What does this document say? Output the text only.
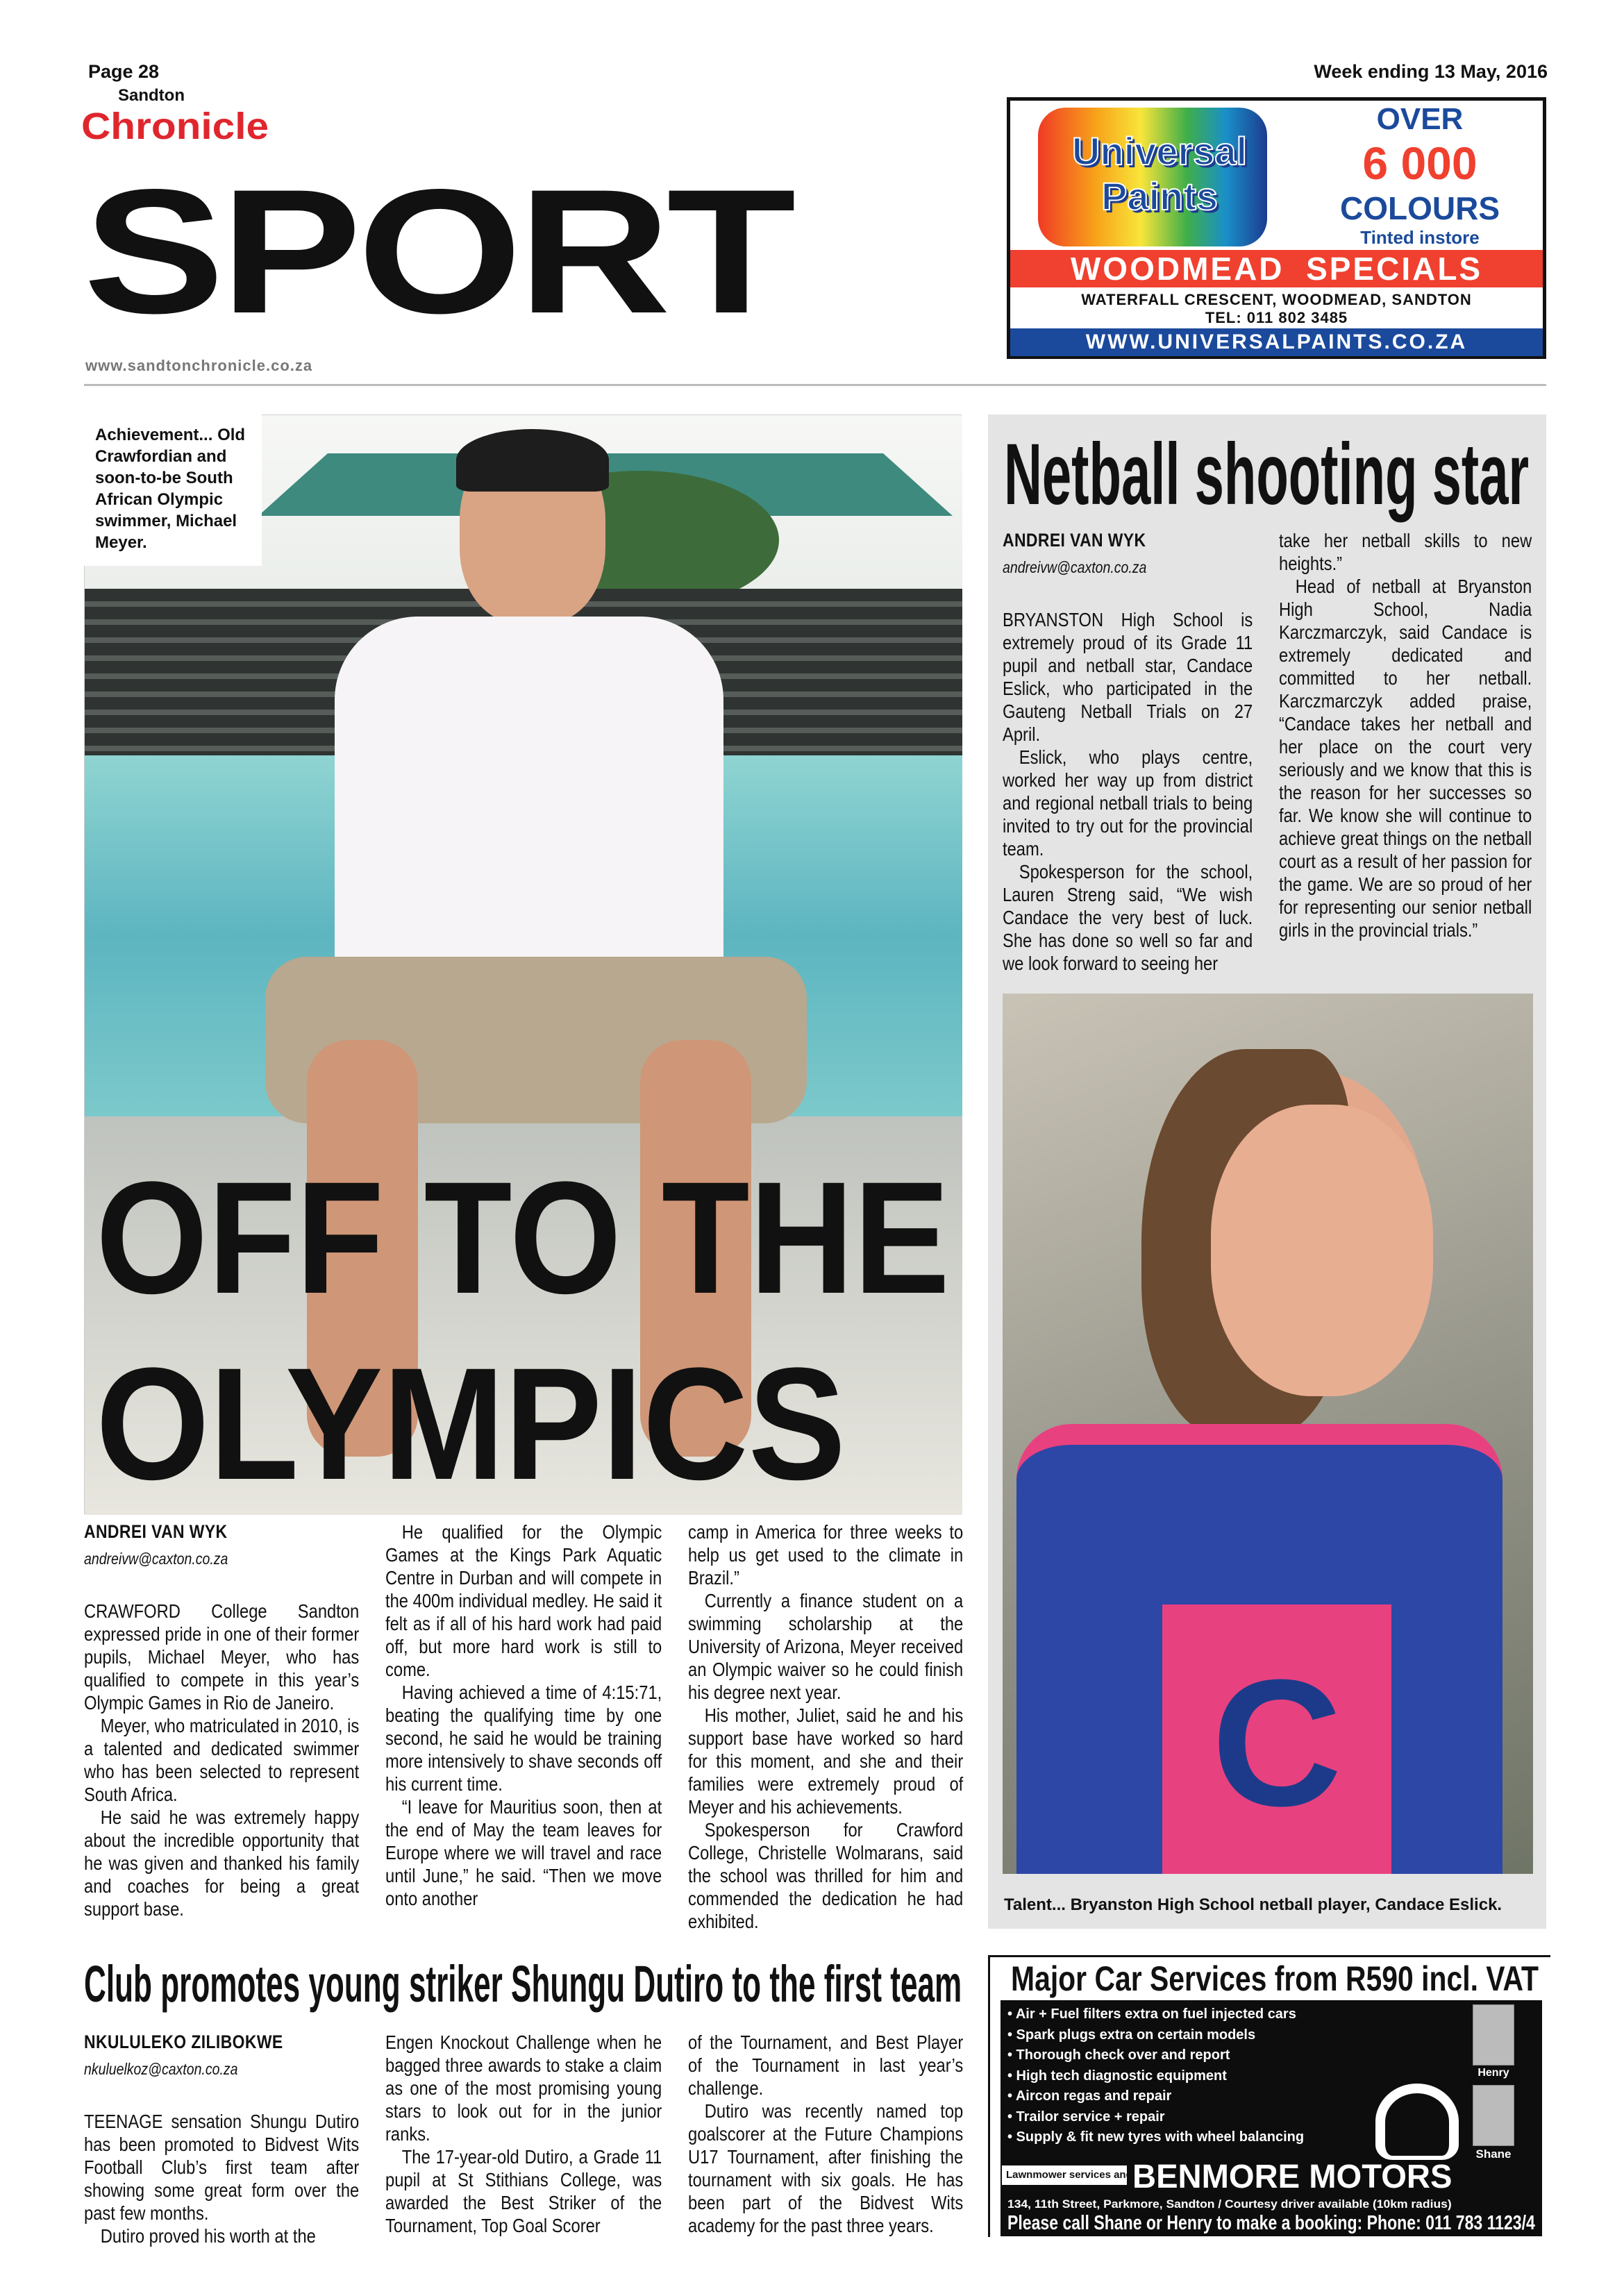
Page 28	Week ending 13 May, 2016
Sandton
Chronicle
SPORT
www.sandtonchronicle.co.za
Universal
Paints
OVER
6 000
COLOURS
Tinted instore
WOODMEAD  SPECIALS
WATERFALL CRESCENT, WOODMEAD, SANDTON
TEL: 011 802 3485
WWW.UNIVERSALPAINTS.CO.ZA
Achievement... Old Crawfordian and soon-to-be South African Olympic swimmer, Michael Meyer.
OFF TO THE
OLYMPICS
ANDREI VAN WYK
andreivw@caxton.co.za

CRAWFORD College Sandton expressed pride in one of their former pupils, Michael Meyer, who has qualified to compete in this year’s Olympic Games in Rio de Janeiro.

Meyer, who matriculated in 2010, is a talented and dedicated swimmer who has been selected to represent South Africa.

He said he was extremely happy about the incredible opportunity that he was given and thanked his family and coaches for being a great support base.

He qualified for the Olympic Games at the Kings Park Aquatic Centre in Durban and will compete in the 400m individual medley. He said it felt as if all of his hard work had paid off, but more hard work is still to come.

Having achieved a time of 4:15:71, beating the qualifying time by one second, he said he would be training more intensively to shave seconds off his current time.

“I leave for Mauritius soon, then at the end of May the team leaves for Europe where we will travel and race until June,” he said. “Then we move onto another

camp in America for three weeks to help us get used to the climate in Brazil.”

Currently a finance student on a swimming scholarship at the University of Arizona, Meyer received an Olympic waiver so he could finish his degree next year.

His mother, Juliet, said he and his support base have worked so hard for this moment, and she and their families were extremely proud of Meyer and his achievements.

Spokesperson for Crawford College, Christelle Wolmarans, said the school was thrilled for him and commended the dedication he had exhibited.

Netball shooting star
ANDREI VAN WYK
andreivw@caxton.co.za

BRYANSTON High School is extremely proud of its Grade 11 pupil and netball star, Candace Eslick, who participated in the Gauteng Netball Trials on 27 April.

Eslick, who plays centre, worked her way up from district and regional netball trials to being invited to try out for the provincial team.

Spokesperson for the school, Lauren Streng said, “We wish Candace the very best of luck. She has done so well so far and we look forward to seeing her

take her netball skills to new heights.”

Head of netball at Bryanston High School, Nadia Karczmarczyk, said Candace is extremely dedicated and committed to her netball. Karczmarczyk added praise, “Candace takes her netball and her place on the court very seriously and we know that this is the reason for her successes so far. We know she will continue to achieve great things on the netball court as a result of her passion for the game. We are so proud of her for representing our senior netball girls in the provincial trials.”

C
Talent... Bryanston High School netball player, Candace Eslick.
Club promotes young striker Shungu Dutiro to the first team
NKULULEKO ZILIBOKWE
nkuluelkoz@caxton.co.za

TEENAGE sensation Shungu Dutiro has been promoted to Bidvest Wits Football Club’s first team after showing some great form over the past few months.

Dutiro proved his worth at the

Engen Knockout Challenge when he bagged three awards to stake a claim as one of the most promising young stars to look out for in the junior ranks.

The 17-year-old Dutiro, a Grade 11 pupil at St Stithians College, was awarded the Best Striker of the Tournament, Top Goal Scorer

of the Tournament, and Best Player of the Tournament in last year’s challenge.

Dutiro was recently named top goalscorer at the Future Champions U17 Tournament, after finishing the tournament with six goals. He has been part of the Bidvest Wits academy for the past three years.

Major Car Services from R590 incl. VAT
• Air + Fuel filters extra on fuel injected cars
• Spark plugs extra on certain models
• Thorough check over and report
• High tech diagnostic equipment
• Aircon regas and repair
• Trailor service + repair
• Supply & fit new tyres with wheel balancing
Henry
Shane
Lawnmower services and repairs
BENMORE MOTORS
134, 11th Street, Parkmore, Sandton / Courtesy driver available (10km radius)
Please call Shane or Henry to make a booking: Phone: 011 783 1123/4
